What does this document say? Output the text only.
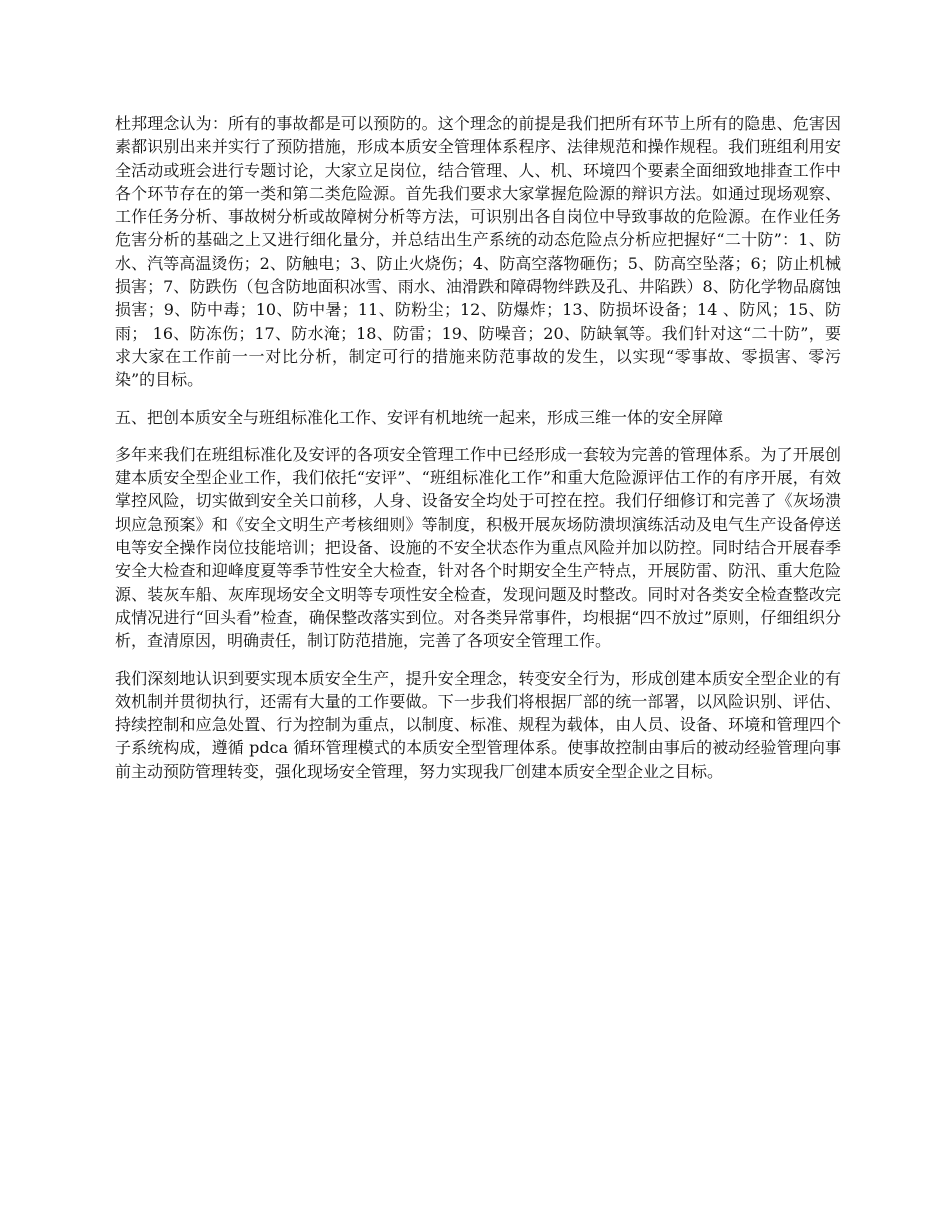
杜邦理念认为：所有的事故都是可以预防的。这个理念的前提是我们把所有环节上所有的隐患、危害因素都识别出来并实行了预防措施，形成本质安全管理体系程序、法律规范和操作规程。我们班组利用安全活动或班会进行专题讨论，大家立足岗位，结合管理、人、机、环境四个要素全面细致地排查工作中各个环节存在的第一类和第二类危险源。首先我们要求大家掌握危险源的辩识方法。如通过现场观察、工作任务分析、事故树分析或故障树分析等方法，可识别出各自岗位中导致事故的危险源。在作业任务危害分析的基础之上又进行细化量分，并总结出生产系统的动态危险点分析应把握好“二十防”：1、防水、汽等高温烫伤；2、防触电；3、防止火烧伤；4、防高空落物砸伤；5、防高空坠落；6；防止机械损害；7、防跌伤（包含防地面积冰雪、雨水、油滑跌和障碍物绊跌及孔、井陷跌）8、防化学物品腐蚀损害；9、防中毒；10、防中暑；11、防粉尘；12、防爆炸；13、防损坏设备；14 、防风；15、防雨； 16、防冻伤；17、防水淹；18、防雷；19、防噪音；20、防缺氧等。我们针对这“二十防”，要求大家在工作前一一对比分析，制定可行的措施来防范事故的发生，以实现“零事故、零损害、零污染”的目标。

五、把创本质安全与班组标准化工作、安评有机地统一起来，形成三维一体的安全屏障

多年来我们在班组标准化及安评的各项安全管理工作中已经形成一套较为完善的管理体系。为了开展创建本质安全型企业工作，我们依托“安评”、“班组标准化工作”和重大危险源评估工作的有序开展，有效掌控风险，切实做到安全关口前移，人身、设备安全均处于可控在控。我们仔细修订和完善了《灰场溃坝应急预案》和《安全文明生产考核细则》等制度，积极开展灰场防溃坝演练活动及电气生产设备停送电等安全操作岗位技能培训；把设备、设施的不安全状态作为重点风险并加以防控。同时结合开展春季安全大检查和迎峰度夏等季节性安全大检查，针对各个时期安全生产特点，开展防雷、防汛、重大危险源、装灰车船、灰库现场安全文明等专项性安全检查，发现问题及时整改。同时对各类安全检查整改完成情况进行“回头看”检查，确保整改落实到位。对各类异常事件，均根据“四不放过”原则，仔细组织分析，查清原因，明确责任，制订防范措施，完善了各项安全管理工作。

我们深刻地认识到要实现本质安全生产，提升安全理念，转变安全行为，形成创建本质安全型企业的有效机制并贯彻执行，还需有大量的工作要做。下一步我们将根据厂部的统一部署，以风险识别、评估、持续控制和应急处置、行为控制为重点，以制度、标准、规程为载体，由人员、设备、环境和管理四个子系统构成，遵循 pdca 循环管理模式的本质安全型管理体系。使事故控制由事后的被动经验管理向事前主动预防管理转变，强化现场安全管理，努力实现我厂创建本质安全型企业之目标。
